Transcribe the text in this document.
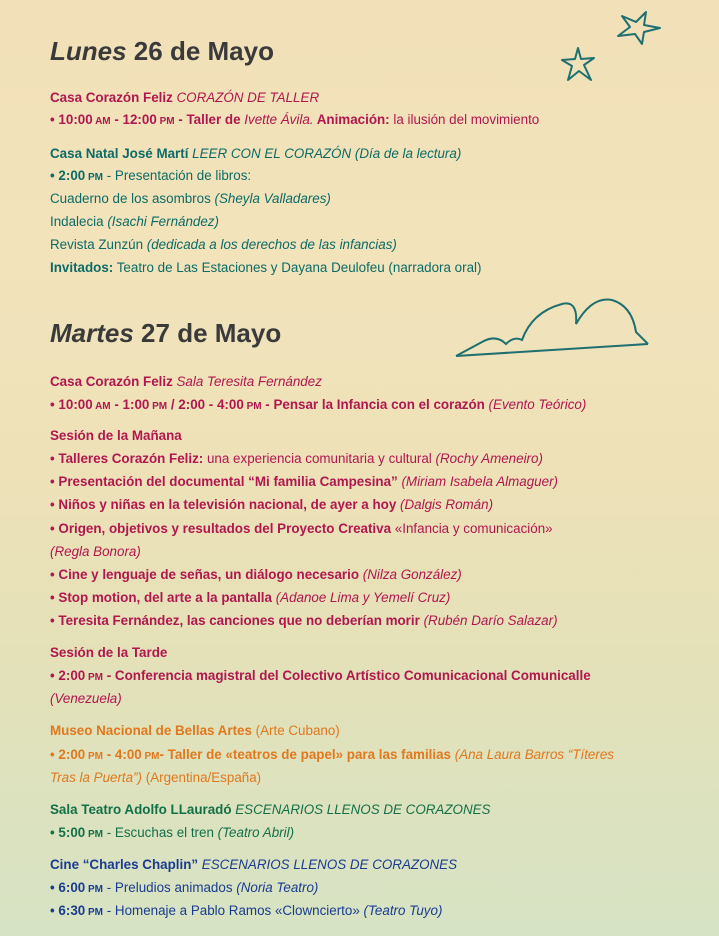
Lunes 26 de Mayo
Casa Corazón Feliz CORAZÓN DE TALLER
• 10:00 AM - 12:00 PM - Taller de Ivette Ávila. Animación: la ilusión del movimiento
Casa Natal José Martí LEER CON EL CORAZÓN (Día de la lectura)
• 2:00 PM - Presentación de libros:
Cuaderno de los asombros (Sheyla Valladares)
Indalecia (Isachi Fernández)
Revista Zunzún (dedicada a los derechos de las infancias)
Invitados: Teatro de Las Estaciones y Dayana Deulofeu (narradora oral)
Martes 27 de Mayo
Casa Corazón Feliz Sala Teresita Fernández
• 10:00 AM - 1:00 PM / 2:00 - 4:00 PM - Pensar la Infancia con el corazón (Evento Teórico)
Sesión de la Mañana
• Talleres Corazón Feliz: una experiencia comunitaria y cultural (Rochy Ameneiro)
• Presentación del documental “Mi familia Campesina” (Miriam Isabela Almaguer)
• Niños y niñas en la televisión nacional, de ayer a hoy (Dalgis Román)
• Origen, objetivos y resultados del Proyecto Creativa «Infancia y comunicación»
(Regla Bonora)
• Cine y lenguaje de señas, un diálogo necesario (Nilza González)
• Stop motion, del arte a la pantalla (Adanoe Lima y Yemelí Cruz)
• Teresita Fernández, las canciones que no deberían morir (Rubén Darío Salazar)
Sesión de la Tarde
• 2:00 PM - Conferencia magistral del Colectivo Artístico Comunicacional Comunicalle
(Venezuela)
Museo Nacional de Bellas Artes (Arte Cubano)
• 2:00 PM - 4:00 PM- Taller de «teatros de papel» para las familias (Ana Laura Barros “Títeres
Tras la Puerta”) (Argentina/España)
Sala Teatro Adolfo LLauradó ESCENARIOS LLENOS DE CORAZONES
• 5:00 PM - Escuchas el tren (Teatro Abril)
Cine “Charles Chaplin” ESCENARIOS LLENOS DE CORAZONES
• 6:00 PM - Preludios animados (Noria Teatro)
• 6:30 PM - Homenaje a Pablo Ramos «Clowncierto» (Teatro Tuyo)
